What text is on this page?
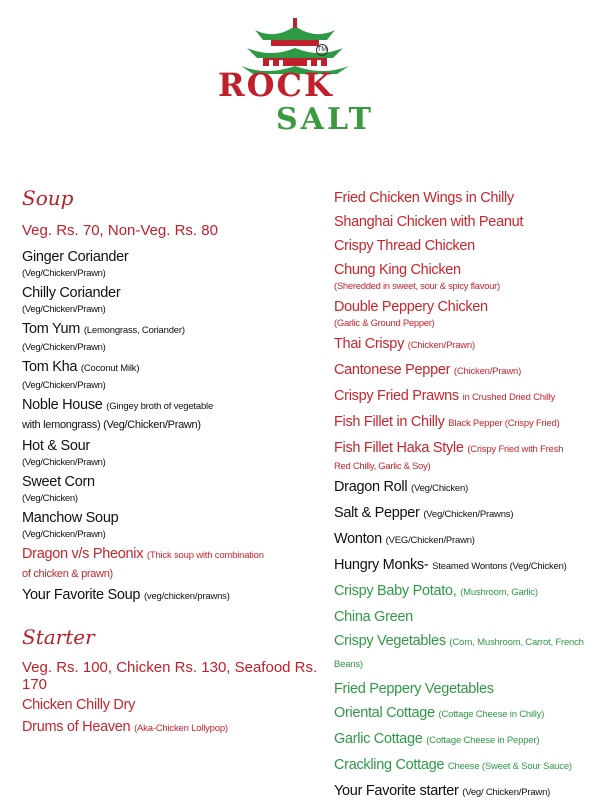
TM
ROCK
SALT
Soup
Veg. Rs. 70, Non-Veg. Rs. 80
Ginger Coriander
(Veg/Chicken/Prawn)
Chilly Coriander
(Veg/Chicken/Prawn)
Tom Yum (Lemongrass, Coriander)
(Veg/Chicken/Prawn)
Tom Kha (Coconut Milk)
(Veg/Chicken/Prawn)
Noble House (Gingey broth of vegetable
with lemongrass) (Veg/Chicken/Prawn)
Hot & Sour
(Veg/Chicken/Prawn)
Sweet Corn
(Veg/Chicken)
Manchow Soup
(Veg/Chicken/Prawn)
Dragon v/s Pheonix (Thick soup with combination
of chicken & prawn)
Your Favorite Soup (veg/chicken/prawns)
Starter
Veg. Rs. 100, Chicken Rs. 130, Seafood Rs. 170
Chicken Chilly Dry
Drums of Heaven (Aka-Chicken Lollypop)
Fried Chicken Wings in Chilly
Shanghai Chicken with Peanut
Crispy Thread Chicken
Chung King Chicken
(Sheredded in sweet, sour & spicy flavour)
Double Peppery Chicken
(Garlic & Ground Pepper)
Thai Crispy (Chicken/Prawn)
Cantonese Pepper (Chicken/Prawn)
Crispy Fried Prawns in Crushed Dried Chilly
Fish Fillet in Chilly Black Pepper (Crispy Fried)
Fish Fillet Haka Style (Crispy Fried with Fresh
Red Chilly, Garlic & Soy)
Dragon Roll (Veg/Chicken)
Salt & Pepper (Veg/Chicken/Prawns)
Wonton (VEG/Chicken/Prawn)
Hungry Monks- Steamed Wontons (Veg/Chicken)
Crispy Baby Potato, (Mushroom, Garlic)
China Green
Crispy Vegetables (Corn, Mushroom, Carrot, French Beans)
Fried Peppery Vegetables
Oriental Cottage (Cottage Cheese in Chilly)
Garlic Cottage (Cottage Cheese in Pepper)
Crackling Cottage Cheese (Sweet & Sour Sauce)
Your Favorite starter (Veg/ Chicken/Prawn)
